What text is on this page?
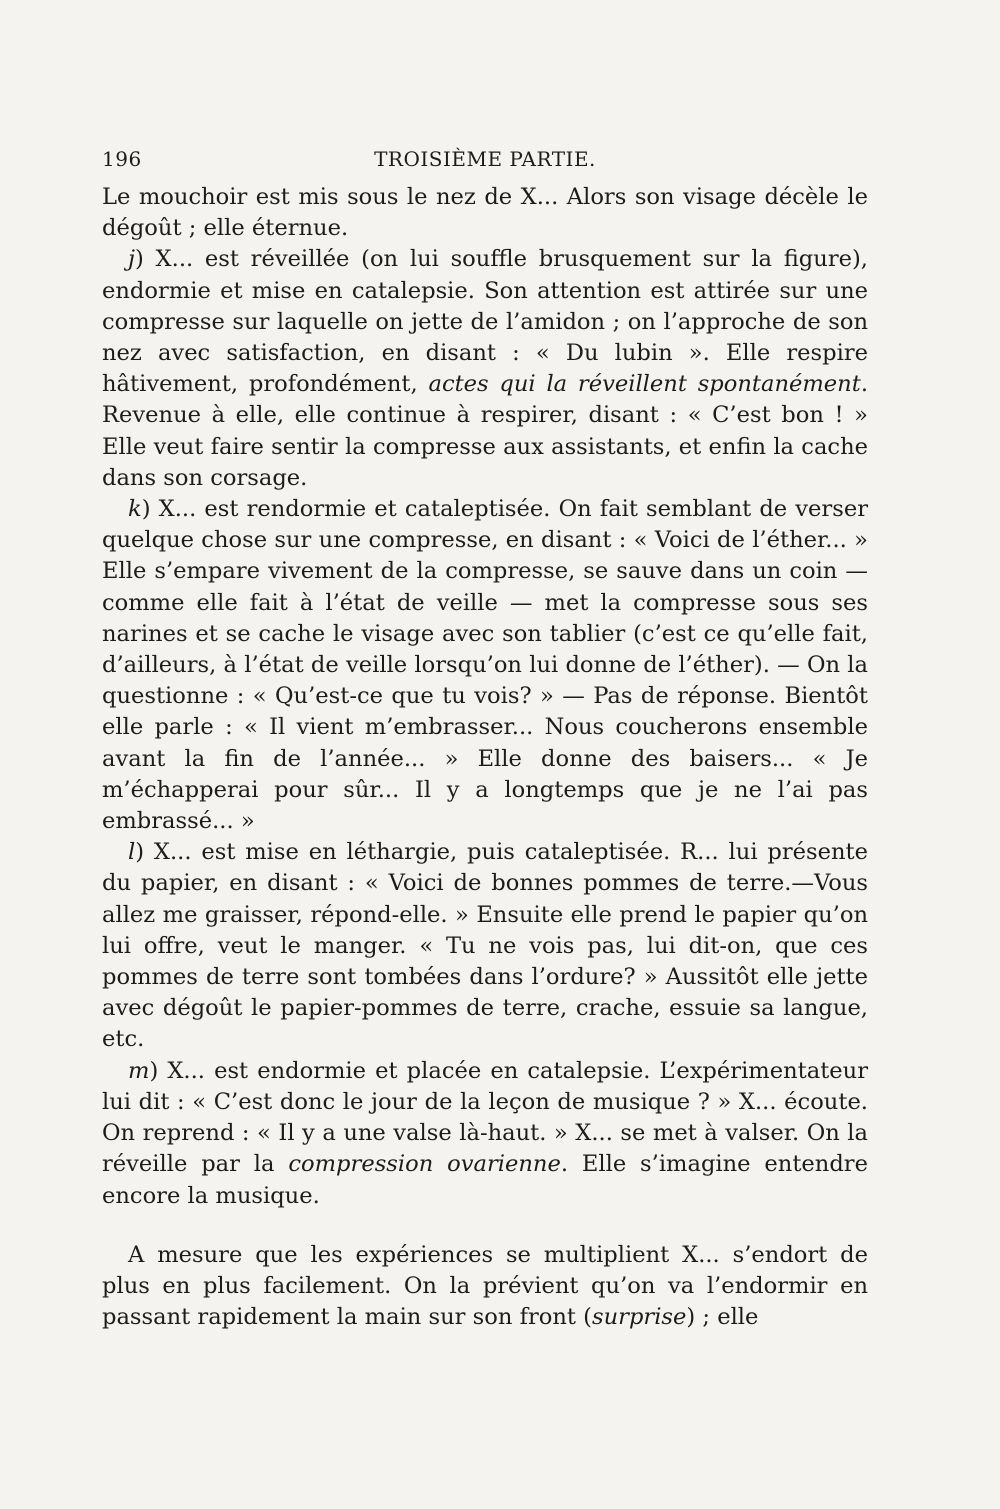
196	TROISIÈME PARTIE.

Le mouchoir est mis sous le nez de X... Alors son visage décèle le dégoût ; elle éternue.

j) X... est réveillée (on lui souffle brusquement sur la figure), endormie et mise en catalepsie. Son attention est attirée sur une compresse sur laquelle on jette de l’amidon ; on l’approche de son nez avec satisfaction, en disant : « Du lubin ». Elle respire hâtivement, profondément, actes qui la réveillent spontanément. Revenue à elle, elle continue à respirer, disant : « C’est bon ! » Elle veut faire sentir la compresse aux assistants, et enfin la cache dans son corsage.

k) X... est rendormie et cataleptisée. On fait semblant de verser quelque chose sur une compresse, en disant : « Voici de l’éther... » Elle s’empare vivement de la compresse, se sauve dans un coin — comme elle fait à l’état de veille — met la compresse sous ses narines et se cache le visage avec son tablier (c’est ce qu’elle fait, d’ailleurs, à l’état de veille lorsqu’on lui donne de l’éther). — On la questionne : « Qu’est-ce que tu vois? » — Pas de réponse. Bientôt elle parle : « Il vient m’embrasser... Nous coucherons ensemble avant la fin de l’année... » Elle donne des baisers... « Je m’échapperai pour sûr... Il y a longtemps que je ne l’ai pas embrassé... »

l) X... est mise en léthargie, puis cataleptisée. R... lui présente du papier, en disant : « Voici de bonnes pommes de terre.—Vous allez me graisser, répond-elle. » Ensuite elle prend le papier qu’on lui offre, veut le manger. « Tu ne vois pas, lui dit-on, que ces pommes de terre sont tombées dans l’ordure? » Aussitôt elle jette avec dégoût le papier-pommes de terre, crache, essuie sa langue, etc.

m) X... est endormie et placée en catalepsie. L’expérimentateur lui dit : « C’est donc le jour de la leçon de musique ? » X... écoute. On reprend : « Il y a une valse là-haut. » X... se met à valser. On la réveille par la compression ovarienne. Elle s’imagine entendre encore la musique.

A mesure que les expériences se multiplient X... s’endort de plus en plus facilement. On la prévient qu’on va l’endormir en passant rapidement la main sur son front (surprise) ; elle
